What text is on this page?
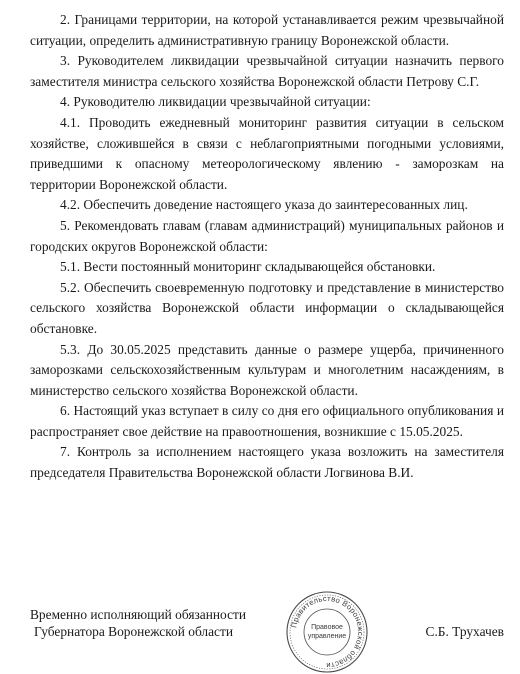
2. Границами территории, на которой устанавливается режим чрезвычайной ситуации, определить административную границу Воронежской области.

3. Руководителем ликвидации чрезвычайной ситуации назначить первого заместителя министра сельского хозяйства Воронежской области Петрову С.Г.

4. Руководителю ликвидации чрезвычайной ситуации:

4.1. Проводить ежедневный мониторинг развития ситуации в сельском хозяйстве, сложившейся в связи с неблагоприятными погодными условиями, приведшими к опасному метеорологическому явлению - заморозкам на территории Воронежской области.

4.2. Обеспечить доведение настоящего указа до заинтересованных лиц.

5. Рекомендовать главам (главам администраций) муниципальных районов и городских округов Воронежской области:

5.1. Вести постоянный мониторинг складывающейся обстановки.

5.2. Обеспечить своевременную подготовку и представление в министерство сельского хозяйства Воронежской области информации о складывающейся обстановке.

5.3. До 30.05.2025 представить данные о размере ущерба, причиненного заморозками сельскохозяйственным культурам и многолетним насаждениям, в министерство сельского хозяйства Воронежской области.

6. Настоящий указ вступает в силу со дня его официального опубликования и распространяет свое действие на правоотношения, возникшие с 15.05.2025.

7. Контроль за исполнением настоящего указа возложить на заместителя председателя Правительства Воронежской области Логвинова В.И.

Временно исполняющий обязанности
Губернатора Воронежской области	Правительство Воронежской области
Правовое
управление	С.Б. Трухачев
